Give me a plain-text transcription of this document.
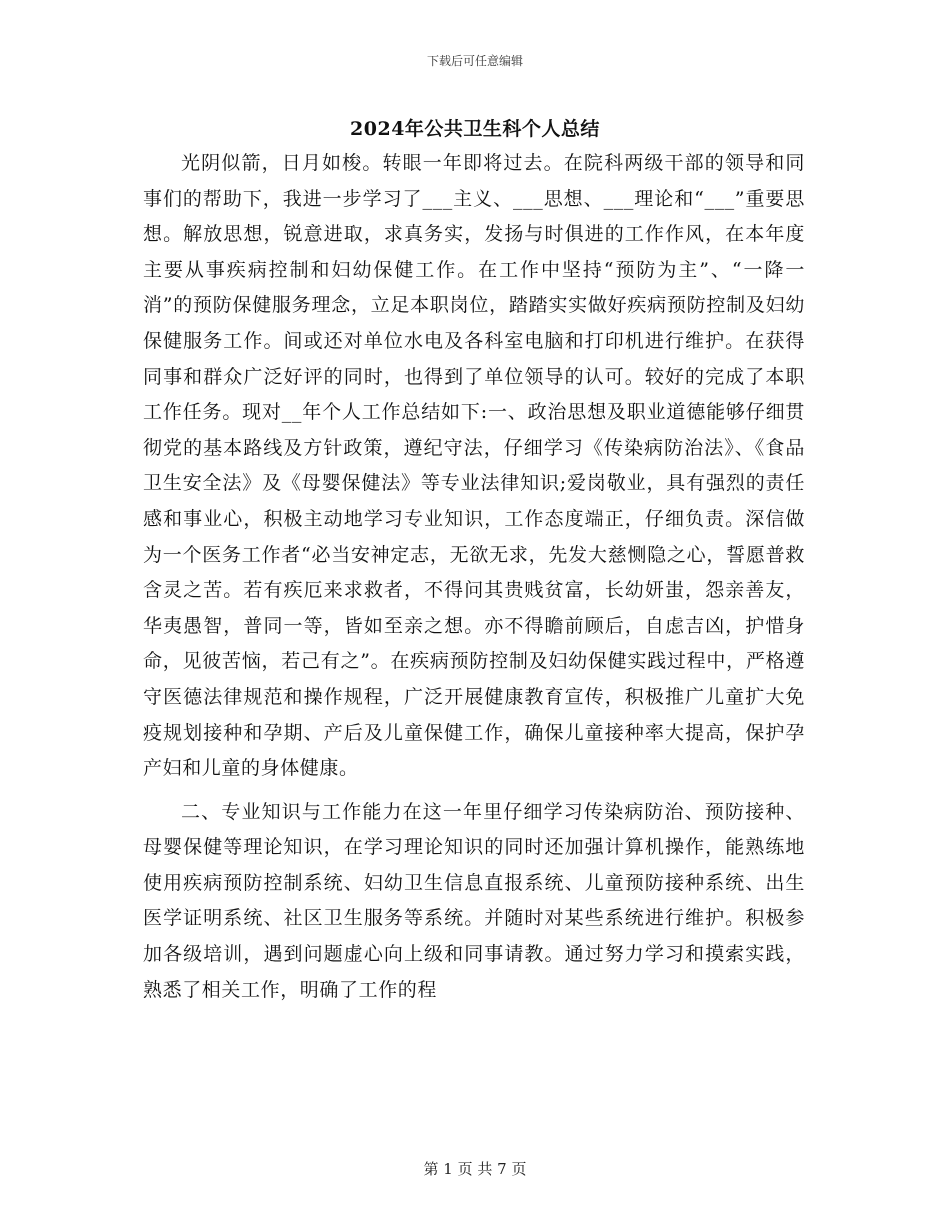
下载后可任意编辑
2024年公共卫生科个人总结

光阴似箭，日月如梭。转眼一年即将过去。在院科两级干部的领导和同事们的帮助下，我进一步学习了___主义、___思想、___理论和“___”重要思想。解放思想，锐意进取，求真务实，发扬与时俱进的工作作风，在本年度主要从事疾病控制和妇幼保健工作。在工作中坚持“预防为主”、“一降一消”的预防保健服务理念，立足本职岗位，踏踏实实做好疾病预防控制及妇幼保健服务工作。间或还对单位水电及各科室电脑和打印机进行维护。在获得同事和群众广泛好评的同时，也得到了单位领导的认可。较好的完成了本职工作任务。现对__年个人工作总结如下:一、政治思想及职业道德能够仔细贯彻党的基本路线及方针政策，遵纪守法，仔细学习《传染病防治法》、《食品卫生安全法》及《母婴保健法》等专业法律知识;爱岗敬业，具有强烈的责任感和事业心，积极主动地学习专业知识，工作态度端正，仔细负责。深信做为一个医务工作者“必当安神定志，无欲无求，先发大慈恻隐之心，誓愿普救含灵之苦。若有疾厄来求救者，不得问其贵贱贫富，长幼妍蚩，怨亲善友，华夷愚智，普同一等，皆如至亲之想。亦不得瞻前顾后，自虑吉凶，护惜身命，见彼苦恼，若己有之”。在疾病预防控制及妇幼保健实践过程中，严格遵守医德法律规范和操作规程，广泛开展健康教育宣传，积极推广儿童扩大免疫规划接种和孕期、产后及儿童保健工作，确保儿童接种率大提高，保护孕产妇和儿童的身体健康。

二、专业知识与工作能力在这一年里仔细学习传染病防治、预防接种、母婴保健等理论知识，在学习理论知识的同时还加强计算机操作，能熟练地使用疾病预防控制系统、妇幼卫生信息直报系统、儿童预防接种系统、出生医学证明系统、社区卫生服务等系统。并随时对某些系统进行维护。积极参加各级培训，遇到问题虚心向上级和同事请教。通过努力学习和摸索实践，熟悉了相关工作，明确了工作的程

第 1 页 共 7 页
